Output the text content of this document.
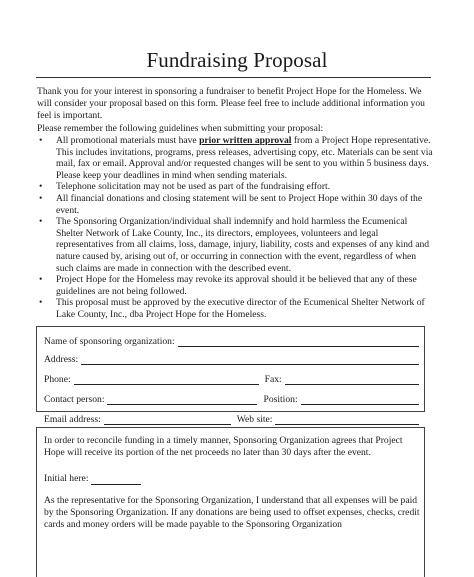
Fundraising Proposal
Thank you for your interest in sponsoring a fundraiser to benefit Project Hope for the Homeless. We will consider your proposal based on this form. Please feel free to include additional information you feel is important.
Please remember the following guidelines when submitting your proposal:
• All promotional materials must have prior written approval from a Project Hope representative. This includes invitations, programs, press releases, advertising copy, etc. Materials can be sent via mail, fax or email. Approval and/or requested changes will be sent to you within 5 business days. Please keep your deadlines in mind when sending materials.
• Telephone solicitation may not be used as part of the fundraising effort.
• All financial donations and closing statement will be sent to Project Hope within 30 days of the event.
• The Sponsoring Organization/individual shall indemnify and hold harmless the Ecumenical Shelter Network of Lake County, Inc., its directors, employees, volunteers and legal representatives from all claims, loss, damage, injury, liability, costs and expenses of any kind and nature caused by, arising out of, or occurring in connection with the event, regardless of when such claims are made in connection with the described event.
• Project Hope for the Homeless may revoke its approval should it be believed that any of these guidelines are not being followed.
• This proposal must be approved by the executive director of the Ecumenical Shelter Network of Lake County, Inc., dba Project Hope for the Homeless.
Name of sponsoring organization:
Address:
Phone:	Fax:
Contact person:	Position:
Email address:	Web site:
In order to reconcile funding in a timely manner, Sponsoring Organization agrees that Project Hope will receive its portion of the net proceeds no later than 30 days after the event.
Initial here:
As the representative for the Sponsoring Organization, I understand that all expenses will be paid by the Sponsoring Organization. If any donations are being used to offset expenses, checks, credit cards and money orders will be made payable to the Sponsoring Organization
